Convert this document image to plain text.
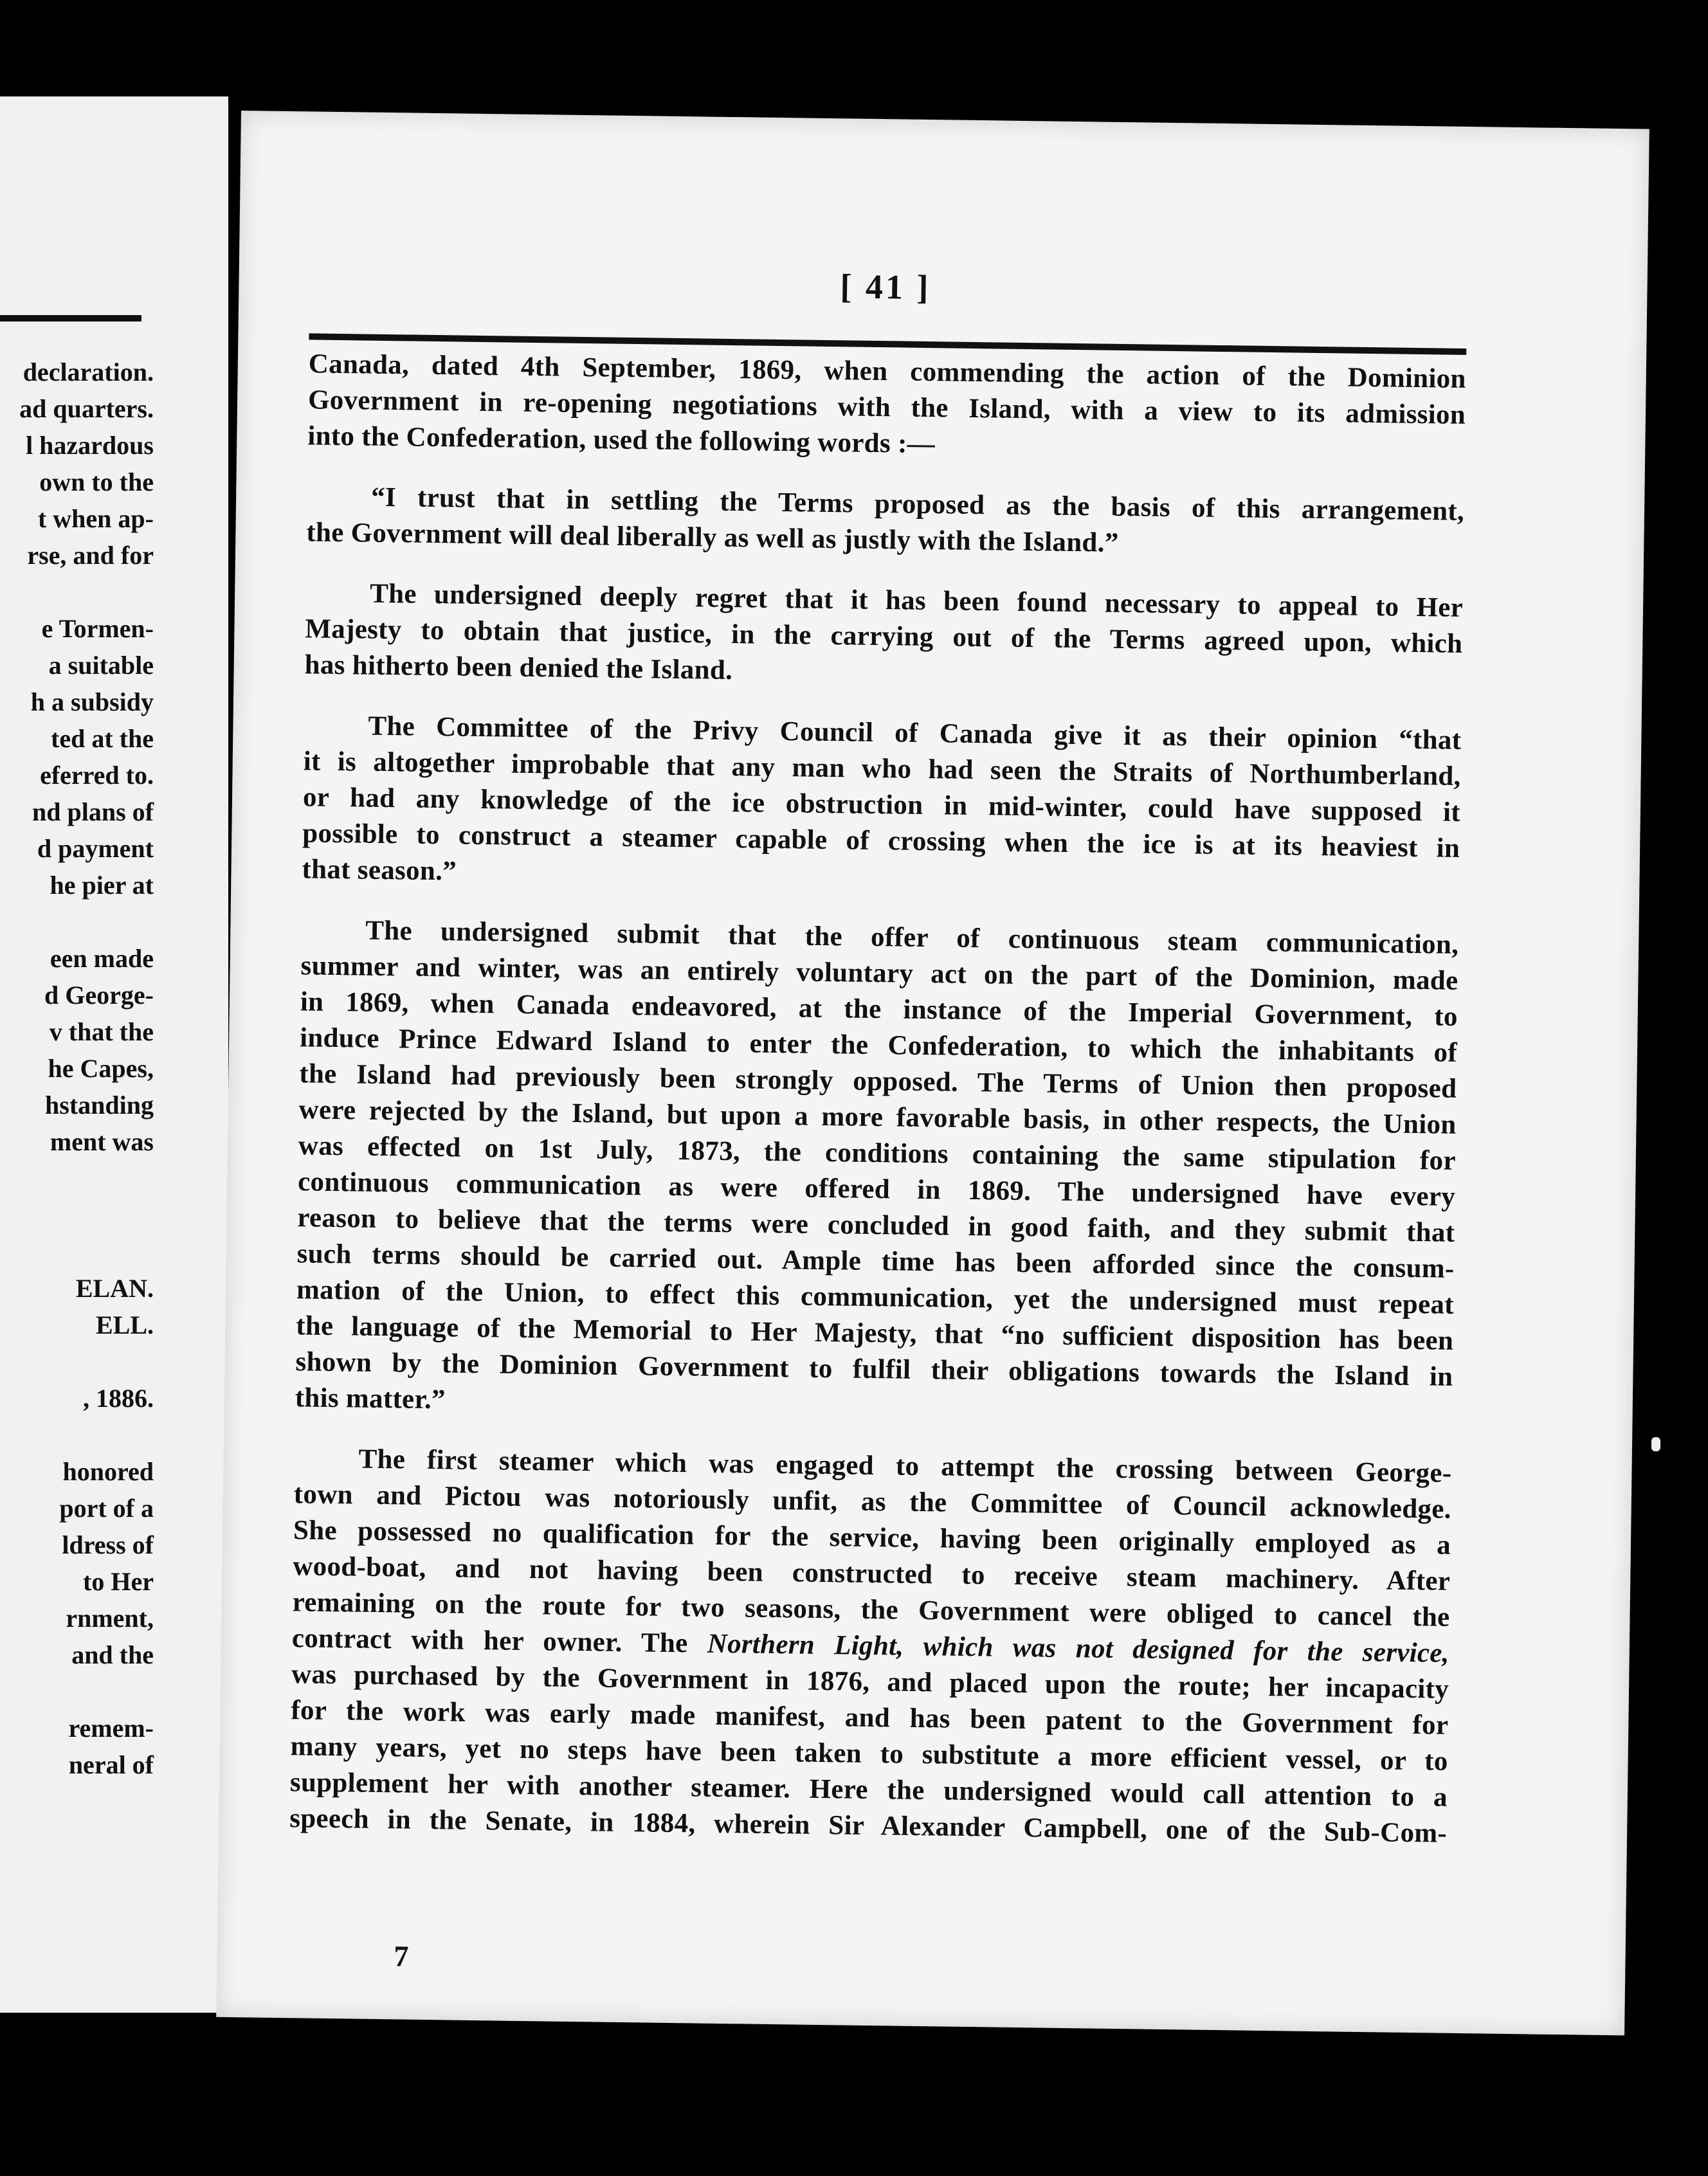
declaration.
ad quarters.
l hazardous
own to the
t when ap-
rse, and for
e Tormen-
a suitable
h a subsidy
ted at the
eferred to.
nd plans of
d payment
he pier at
een made
d George-
v that the
he Capes,
hstanding
ment was
ELAN.
ELL.
, 1886.
honored
port of a
ldress of
to Her
rnment,
and the
remem-
neral of
[ 41 ]
Canada, dated 4th September, 1869, when commending the action of the Dominion
Government in re-opening negotiations with the Island, with a view to its admission
into the Confederation, used the following words :—
“I trust that in settling the Terms proposed as the basis of this arrangement,
the Government will deal liberally as well as justly with the Island.”
The undersigned deeply regret that it has been found necessary to appeal to Her
Majesty to obtain that justice, in the carrying out of the Terms agreed upon, which
has hitherto been denied the Island.
The Committee of the Privy Council of Canada give it as their opinion “that
it is altogether improbable that any man who had seen the Straits of Northumberland,
or had any knowledge of the ice obstruction in mid-winter, could have supposed it
possible to construct a steamer capable of crossing when the ice is at its heaviest in
that season.”
The undersigned submit that the offer of continuous steam communication,
summer and winter, was an entirely voluntary act on the part of the Dominion, made
in 1869, when Canada endeavored, at the instance of the Imperial Government, to
induce Prince Edward Island to enter the Confederation, to which the inhabitants of
the Island had previously been strongly opposed. The Terms of Union then proposed
were rejected by the Island, but upon a more favorable basis, in other respects, the Union
was effected on 1st July, 1873, the conditions containing the same stipulation for
continuous communication as were offered in 1869. The undersigned have every
reason to believe that the terms were concluded in good faith, and they submit that
such terms should be carried out. Ample time has been afforded since the consum-
mation of the Union, to effect this communication, yet the undersigned must repeat
the language of the Memorial to Her Majesty, that “no sufficient disposition has been
shown by the Dominion Government to fulfil their obligations towards the Island in
this matter.”
The first steamer which was engaged to attempt the crossing between George-
town and Pictou was notoriously unfit, as the Committee of Council acknowledge.
She possessed no qualification for the service, having been originally employed as a
wood-boat, and not having been constructed to receive steam machinery. After
remaining on the route for two seasons, the Government were obliged to cancel the
contract with her owner. The Northern Light, which was not designed for the service,
was purchased by the Government in 1876, and placed upon the route; her incapacity
for the work was early made manifest, and has been patent to the Government for
many years, yet no steps have been taken to substitute a more efficient vessel, or to
supplement her with another steamer. Here the undersigned would call attention to a
speech in the Senate, in 1884, wherein Sir Alexander Campbell, one of the Sub-Com-
7
